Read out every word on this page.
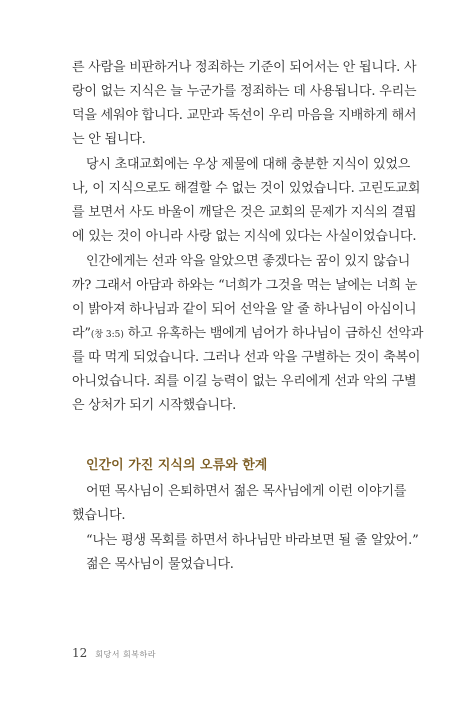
른 사람을 비판하거나 정죄하는 기준이 되어서는 안 됩니다. 사
랑이 없는 지식은 늘 누군가를 정죄하는 데 사용됩니다. 우리는
덕을 세워야 합니다. 교만과 독선이 우리 마음을 지배하게 해서
는 안 됩니다.
당시 초대교회에는 우상 제물에 대해 충분한 지식이 있었으
나, 이 지식으로도 해결할 수 없는 것이 있었습니다. 고린도교회
를 보면서 사도 바울이 깨달은 것은 교회의 문제가 지식의 결핍
에 있는 것이 아니라 사랑 없는 지식에 있다는 사실이었습니다.
인간에게는 선과 악을 알았으면 좋겠다는 꿈이 있지 않습니
까? 그래서 아담과 하와는 “너희가 그것을 먹는 날에는 너희 눈
이 밝아져 하나님과 같이 되어 선악을 알 줄 하나님이 아심이니
라”(창 3:5) 하고 유혹하는 뱀에게 넘어가 하나님이 금하신 선악과
를 따 먹게 되었습니다. 그러나 선과 악을 구별하는 것이 축복이
아니었습니다. 죄를 이길 능력이 없는 우리에게 선과 악의 구별
은 상처가 되기 시작했습니다.
인간이 가진 지식의 오류와 한계
어떤 목사님이 은퇴하면서 젊은 목사님에게 이런 이야기를
했습니다.
“나는 평생 목회를 하면서 하나님만 바라보면 될 줄 알았어.”
젊은 목사님이 물었습니다.
12 회당서 회복하라
